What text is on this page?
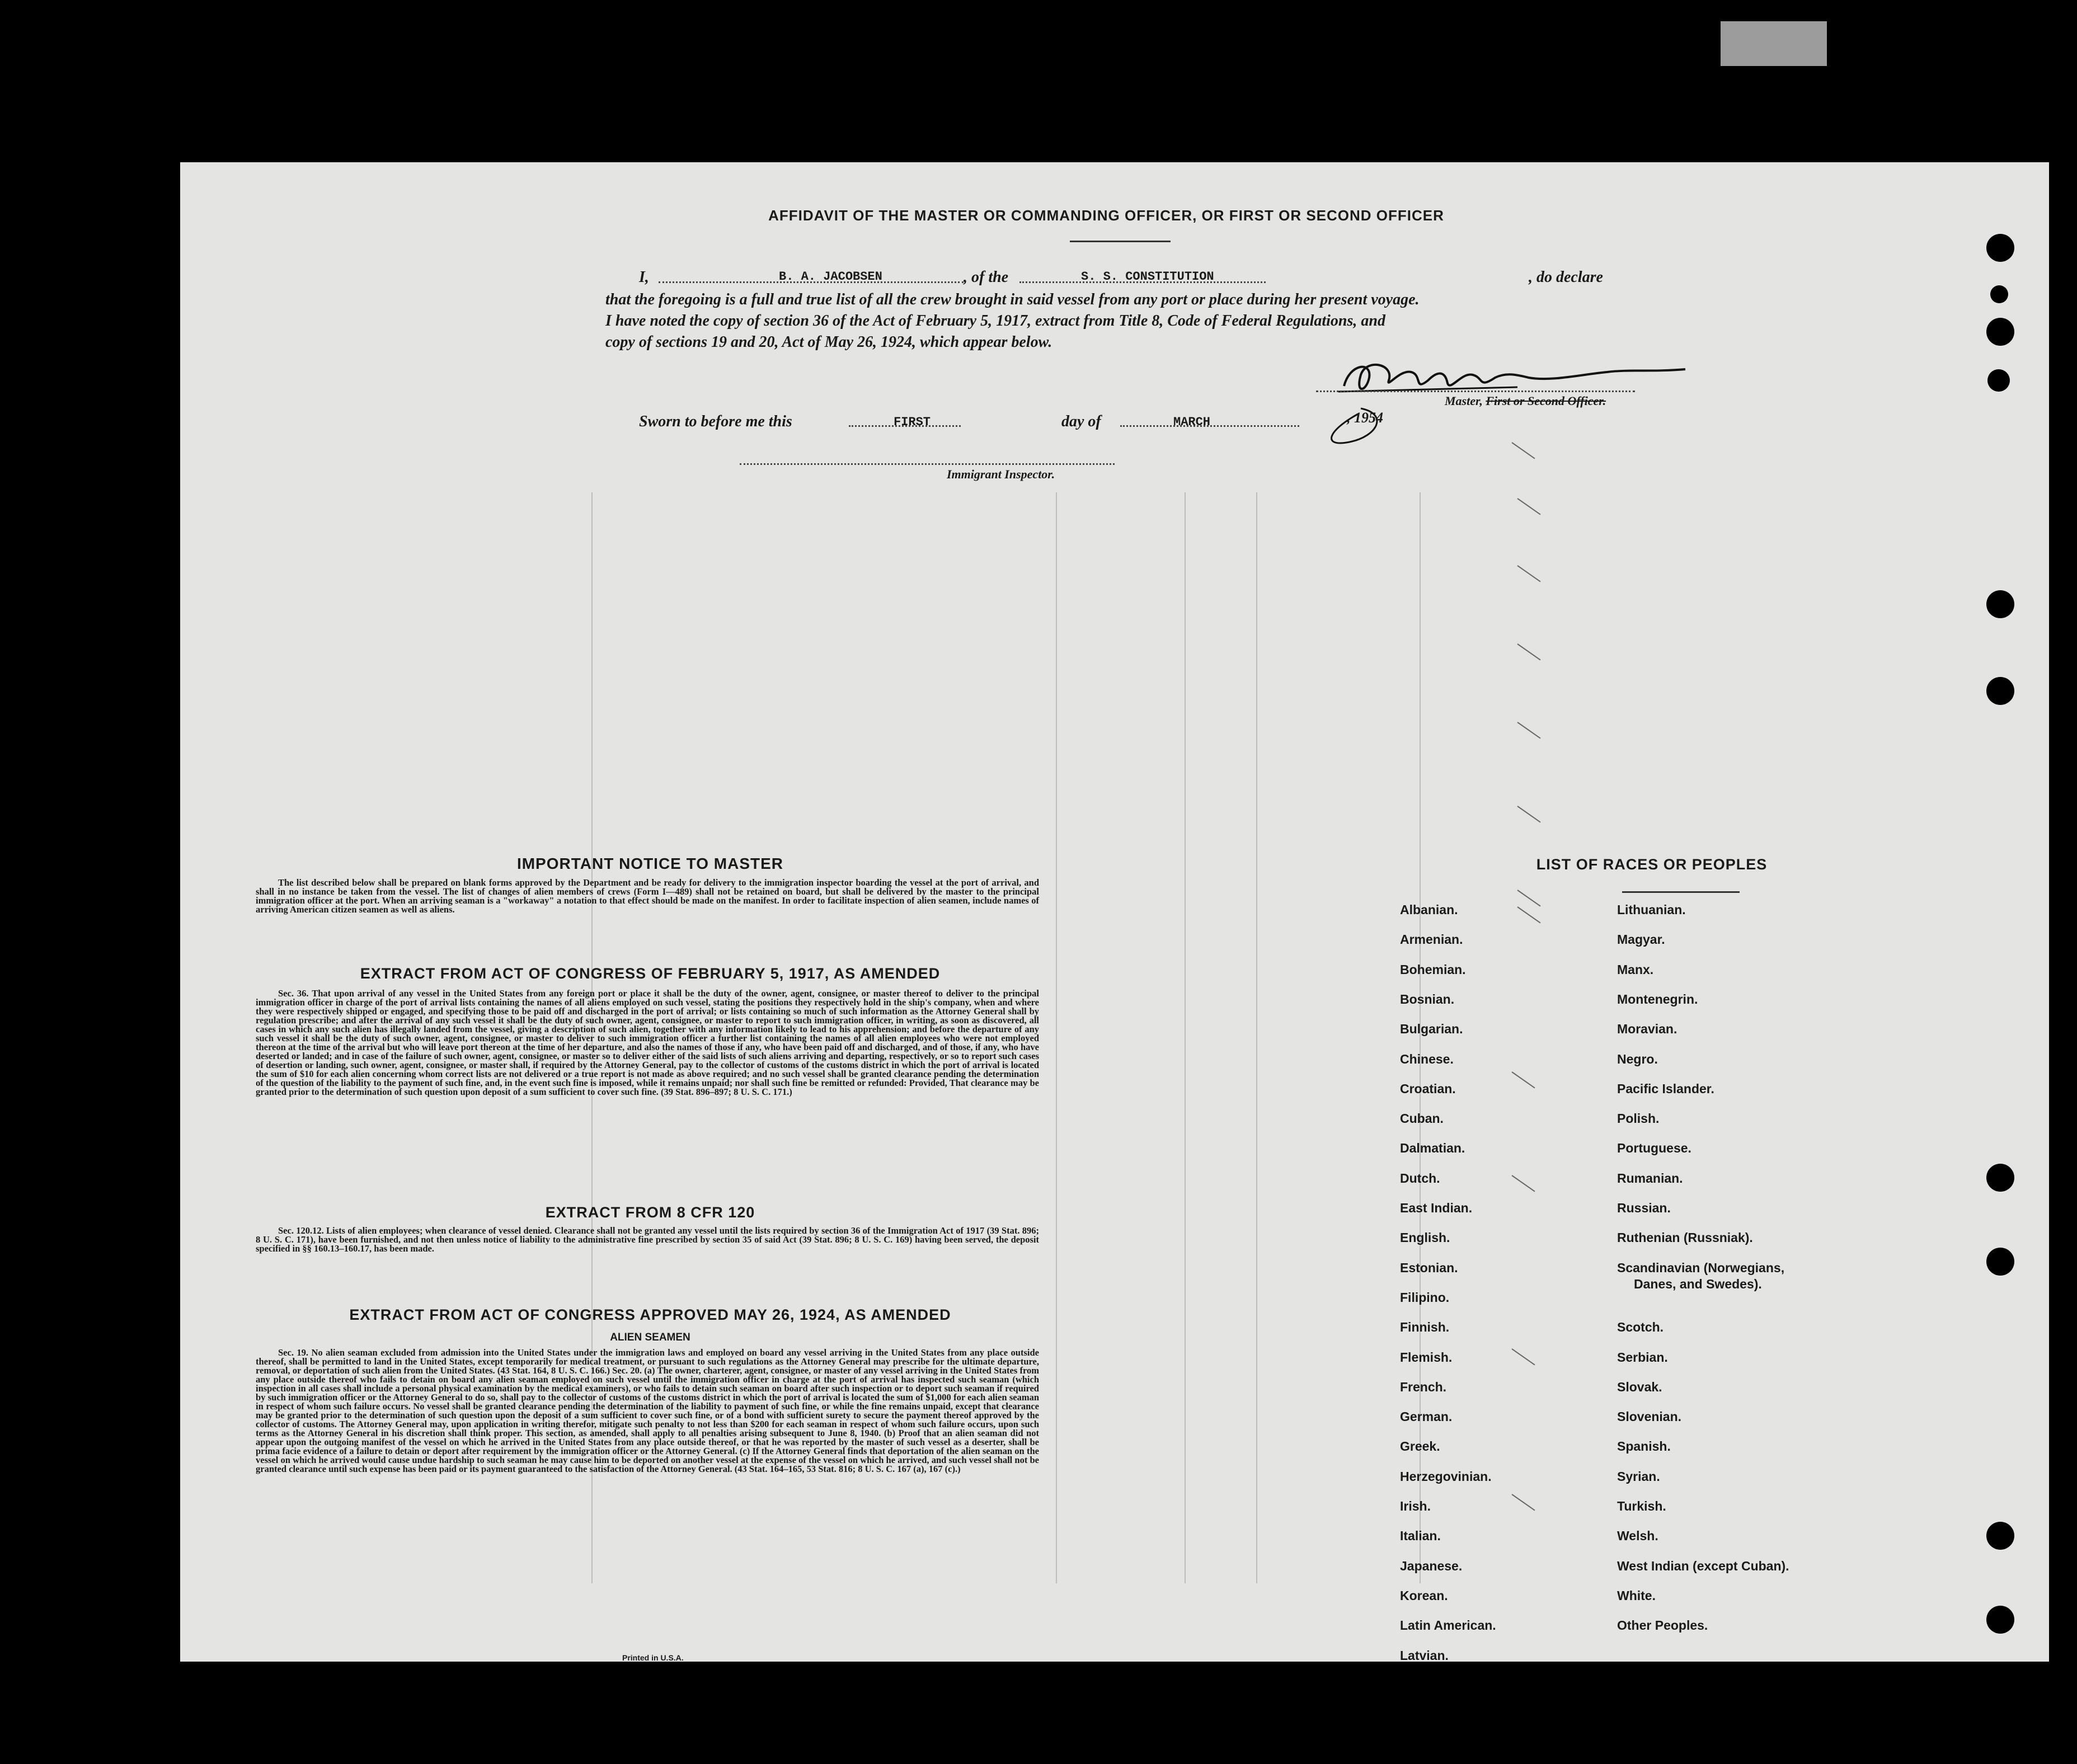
AFFIDAVIT OF THE MASTER OR COMMANDING OFFICER, OR FIRST OR SECOND OFFICER
I,	B. A. JACOBSEN	, of the	S. S. CONSTITUTION	, do declare
that the foregoing is a full and true list of all the crew brought in said vessel from any port or place during her present voyage.
I have noted the copy of section 36 of the Act of February 5, 1917, extract from Title 8, Code of Federal Regulations, and
copy of sections 19 and 20, Act of May 26, 1924, which appear below.
Master, First or Second Officer.
Sworn to before me this	FIRST	day of	MARCH	, 1954
Immigrant Inspector.
IMPORTANT NOTICE TO MASTER
The list described below shall be prepared on blank forms approved by the Department and be ready for delivery to the immigration inspector boarding the vessel at the port of arrival, and shall in no instance be taken from the vessel. The list of changes of alien members of crews (Form I—489) shall not be retained on board, but shall be delivered by the master to the principal immigration officer at the port. When an arriving seaman is a "workaway" a notation to that effect should be made on the manifest. In order to facilitate inspection of alien seamen, include names of arriving American citizen seamen as well as aliens.
EXTRACT FROM ACT OF CONGRESS OF FEBRUARY 5, 1917, AS AMENDED
Sec. 36. That upon arrival of any vessel in the United States from any foreign port or place it shall be the duty of the owner, agent, consignee, or master thereof to deliver to the principal immigration officer in charge of the port of arrival lists containing the names of all aliens employed on such vessel, stating the positions they respectively hold in the ship's company, when and where they were respectively shipped or engaged, and specifying those to be paid off and discharged in the port of arrival; or lists containing so much of such information as the Attorney General shall by regulation prescribe; and after the arrival of any such vessel it shall be the duty of such owner, agent, consignee, or master to report to such immigration officer, in writing, as soon as discovered, all cases in which any such alien has illegally landed from the vessel, giving a description of such alien, together with any information likely to lead to his apprehension; and before the departure of any such vessel it shall be the duty of such owner, agent, consignee, or master to deliver to such immigration officer a further list containing the names of all alien employees who were not employed thereon at the time of the arrival but who will leave port thereon at the time of her departure, and also the names of those if any, who have been paid off and discharged, and of those, if any, who have deserted or landed; and in case of the failure of such owner, agent, consignee, or master so to deliver either of the said lists of such aliens arriving and departing, respectively, or so to report such cases of desertion or landing, such owner, agent, consignee, or master shall, if required by the Attorney General, pay to the collector of customs of the customs district in which the port of arrival is located the sum of $10 for each alien concerning whom correct lists are not delivered or a true report is not made as above required; and no such vessel shall be granted clearance pending the determination of the question of the liability to the payment of such fine, and, in the event such fine is imposed, while it remains unpaid; nor shall such fine be remitted or refunded: Provided, That clearance may be granted prior to the determination of such question upon deposit of a sum sufficient to cover such fine. (39 Stat. 896–897; 8 U. S. C. 171.)
EXTRACT FROM 8 CFR 120
Sec. 120.12. Lists of alien employees; when clearance of vessel denied. Clearance shall not be granted any vessel until the lists required by section 36 of the Immigration Act of 1917 (39 Stat. 896; 8 U. S. C. 171), have been furnished, and not then unless notice of liability to the administrative fine prescribed by section 35 of said Act (39 Stat. 896; 8 U. S. C. 169) having been served, the deposit specified in §§ 160.13–160.17, has been made.
EXTRACT FROM ACT OF CONGRESS APPROVED MAY 26, 1924, AS AMENDED
ALIEN SEAMEN
Sec. 19. No alien seaman excluded from admission into the United States under the immigration laws and employed on board any vessel arriving in the United States from any place outside thereof, shall be permitted to land in the United States, except temporarily for medical treatment, or pursuant to such regulations as the Attorney General may prescribe for the ultimate departure, removal, or deportation of such alien from the United States. (43 Stat. 164, 8 U. S. C. 166.) Sec. 20. (a) The owner, charterer, agent, consignee, or master of any vessel arriving in the United States from any place outside thereof who fails to detain on board any alien seaman employed on such vessel until the immigration officer in charge at the port of arrival has inspected such seaman (which inspection in all cases shall include a personal physical examination by the medical examiners), or who fails to detain such seaman on board after such inspection or to deport such seaman if required by such immigration officer or the Attorney General to do so, shall pay to the collector of customs of the customs district in which the port of arrival is located the sum of $1,000 for each alien seaman in respect of whom such failure occurs. No vessel shall be granted clearance pending the determination of the liability to payment of such fine, or while the fine remains unpaid, except that clearance may be granted prior to the determination of such question upon the deposit of a sum sufficient to cover such fine, or of a bond with sufficient surety to secure the payment thereof approved by the collector of customs. The Attorney General may, upon application in writing therefor, mitigate such penalty to not less than $200 for each seaman in respect of whom such failure occurs, upon such terms as the Attorney General in his discretion shall think proper. This section, as amended, shall apply to all penalties arising subsequent to June 8, 1940. (b) Proof that an alien seaman did not appear upon the outgoing manifest of the vessel on which he arrived in the United States from any place outside thereof, or that he was reported by the master of such vessel as a deserter, shall be prima facie evidence of a failure to detain or deport after requirement by the immigration officer or the Attorney General. (c) If the Attorney General finds that deportation of the alien seaman on the vessel on which he arrived would cause undue hardship to such seaman he may cause him to be deported on another vessel at the expense of the vessel on which he arrived, and such vessel shall not be granted clearance until such expense has been paid or its payment guaranteed to the satisfaction of the Attorney General. (43 Stat. 164–165, 53 Stat. 816; 8 U. S. C. 167 (a), 167 (c).)
Printed in U.S.A.
LIST OF RACES OR PEOPLES
Albanian.
Armenian.
Bohemian.
Bosnian.
Bulgarian.
Chinese.
Croatian.
Cuban.
Dalmatian.
Dutch.
East Indian.
English.
Estonian.
Filipino.
Finnish.
Flemish.
French.
German.
Greek.
Herzegovinian.
Irish.
Italian.
Japanese.
Korean.
Latin American.
Latvian.
Lithuanian.
Magyar.
Manx.
Montenegrin.
Moravian.
Negro.
Pacific Islander.
Polish.
Portuguese.
Rumanian.
Russian.
Ruthenian (Russniak).
Scandinavian (Norwegians,
Danes, and Swedes).
Scotch.
Serbian.
Slovak.
Slovenian.
Spanish.
Syrian.
Turkish.
Welsh.
West Indian (except Cuban).
White.
Other Peoples.
